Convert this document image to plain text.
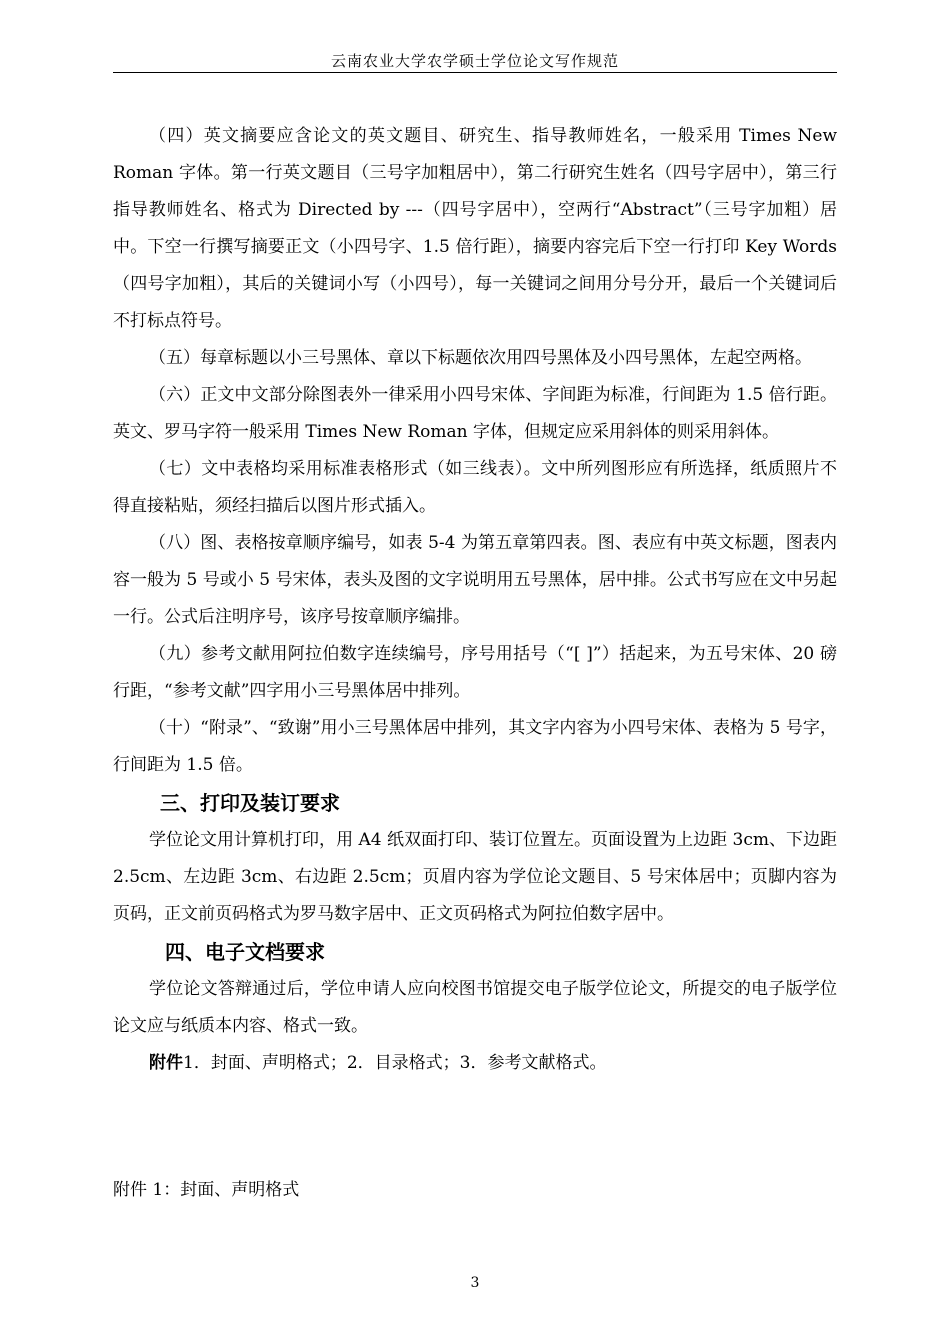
云南农业大学农学硕士学位论文写作规范

（四）英文摘要应含论文的英文题目、研究生、指导教师姓名，一般采用 Times New Roman 字体。第一行英文题目（三号字加粗居中），第二行研究生姓名（四号字居中），第三行指导教师姓名、格式为 Directed by ---（四号字居中），空两行“Abstract”（三号字加粗）居中。下空一行撰写摘要正文（小四号字、1.5 倍行距），摘要内容完后下空一行打印 Key Words（四号字加粗），其后的关键词小写（小四号），每一关键词之间用分号分开，最后一个关键词后不打标点符号。

（五）每章标题以小三号黑体、章以下标题依次用四号黑体及小四号黑体，左起空两格。

（六）正文中文部分除图表外一律采用小四号宋体、字间距为标准，行间距为 1.5 倍行距。英文、罗马字符一般采用 Times New Roman 字体，但规定应采用斜体的则采用斜体。

（七）文中表格均采用标准表格形式（如三线表）。文中所列图形应有所选择，纸质照片不得直接粘贴，须经扫描后以图片形式插入。

（八）图、表格按章顺序编号，如表 5-4 为第五章第四表。图、表应有中英文标题，图表内容一般为 5 号或小 5 号宋体，表头及图的文字说明用五号黑体，居中排。公式书写应在文中另起一行。公式后注明序号，该序号按章顺序编排。

（九）参考文献用阿拉伯数字连续编号，序号用括号（“[ ]”）括起来，为五号宋体、20 磅行距，“参考文献”四字用小三号黑体居中排列。

（十）“附录”、“致谢”用小三号黑体居中排列，其文字内容为小四号宋体、表格为 5 号字，行间距为 1.5 倍。

三、打印及装订要求

学位论文用计算机打印，用 A4 纸双面打印、装订位置左。页面设置为上边距 3cm、下边距 2.5cm、左边距 3cm、右边距 2.5cm；页眉内容为学位论文题目、5 号宋体居中；页脚内容为页码，正文前页码格式为罗马数字居中、正文页码格式为阿拉伯数字居中。

四、电子文档要求

学位论文答辩通过后，学位申请人应向校图书馆提交电子版学位论文，所提交的电子版学位论文应与纸质本内容、格式一致。

附件1．封面、声明格式；2．目录格式；3．参考文献格式。

附件 1：封面、声明格式
3
